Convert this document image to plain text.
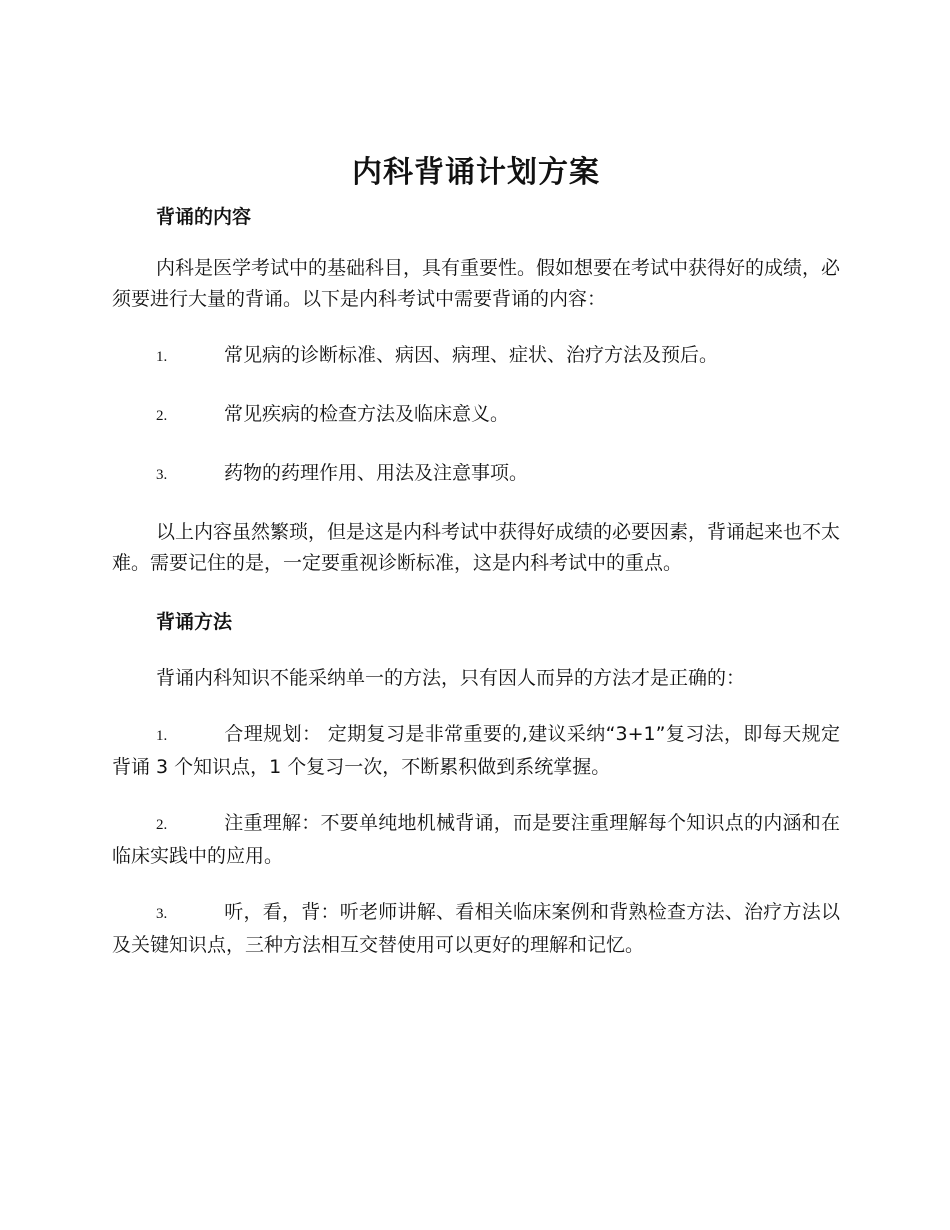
内科背诵计划方案
背诵的内容

内科是医学考试中的基础科目，具有重要性。假如想要在考试中获得好的成绩，必须要进行大量的背诵。以下是内科考试中需要背诵的内容：

1.	常见病的诊断标准、病因、病理、症状、治疗方法及预后。

2.	常见疾病的检查方法及临床意义。

3.	药物的药理作用、用法及注意事项。

以上内容虽然繁琐，但是这是内科考试中获得好成绩的必要因素，背诵起来也不太难。需要记住的是，一定要重视诊断标准，这是内科考试中的重点。

背诵方法

背诵内科知识不能采纳单一的方法，只有因人而异的方法才是正确的：

1.	合理规划： 定期复习是非常重要的,建议采纳“3+1”复习法，即每天规定背诵 3 个知识点，1 个复习一次，不断累积做到系统掌握。

2.	注重理解：不要单纯地机械背诵，而是要注重理解每个知识点的内涵和在临床实践中的应用。

3.	听，看，背：听老师讲解、看相关临床案例和背熟检查方法、治疗方法以及关键知识点，三种方法相互交替使用可以更好的理解和记忆。
